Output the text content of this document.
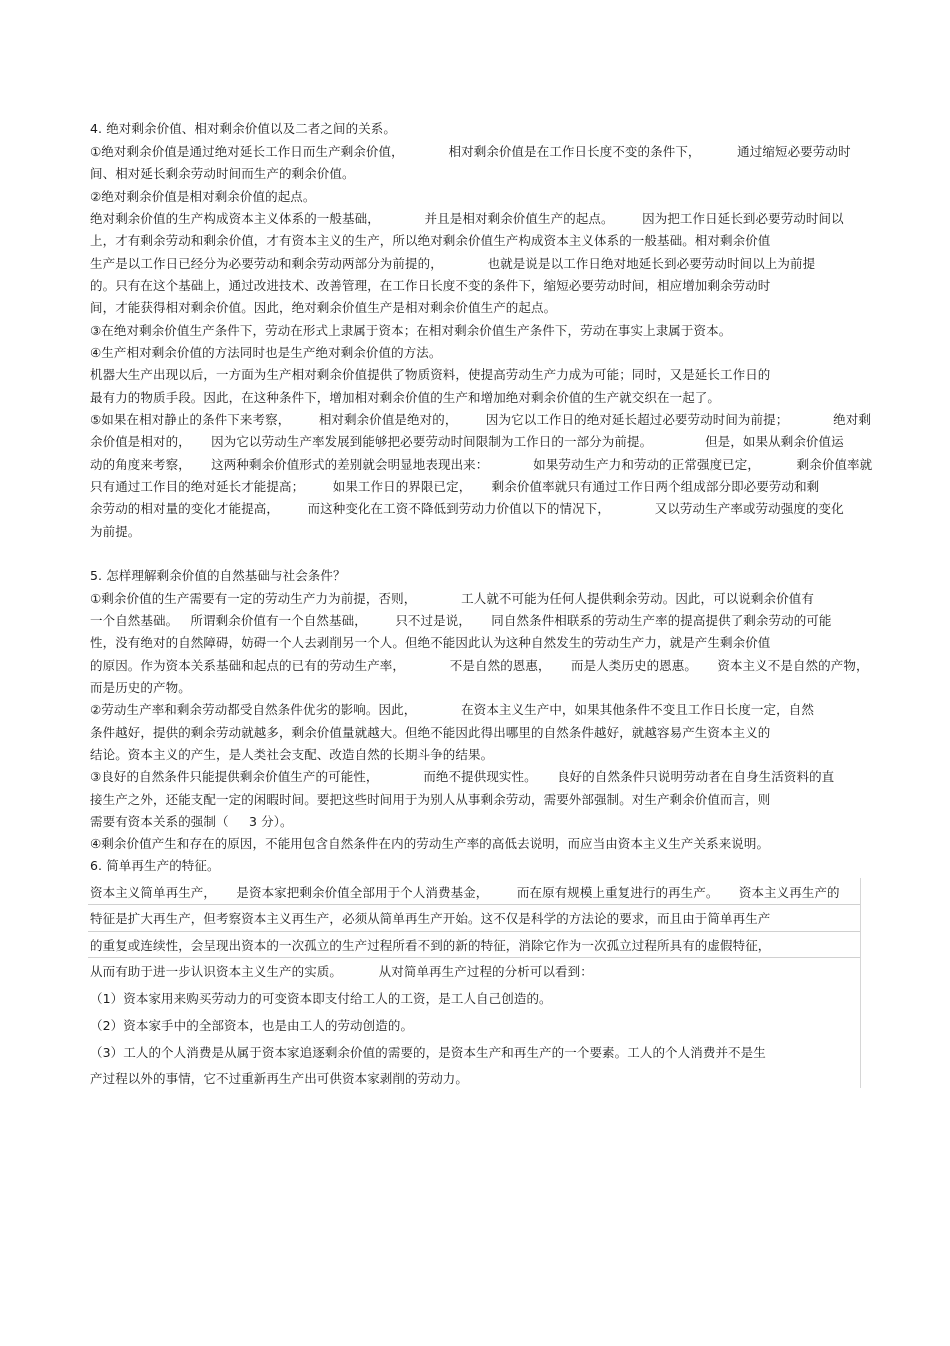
4. 绝对剩余价值、相对剩余价值以及二者之间的关系。
①绝对剩余价值是通过绝对延长工作日而生产剩余价值，           相对剩余价值是在工作日长度不变的条件下，         通过缩短必要劳动时
间、相对延长剩余劳动时间而生产的剩余价值。
②绝对剩余价值是相对剩余价值的起点。
绝对剩余价值的生产构成资本主义体系的一般基础，           并且是相对剩余价值生产的起点。       因为把工作日延长到必要劳动时间以
上，才有剩余劳动和剩余价值，才有资本主义的生产，所以绝对剩余价值生产构成资本主义体系的一般基础。相对剩余价值
生产是以工作日已经分为必要劳动和剩余劳动两部分为前提的，           也就是说是以工作日绝对地延长到必要劳动时间以上为前提
的。只有在这个基础上，通过改进技术、改善管理，在工作日长度不变的条件下，缩短必要劳动时间，相应增加剩余劳动时
间，才能获得相对剩余价值。因此，绝对剩余价值生产是相对剩余价值生产的起点。
③在绝对剩余价值生产条件下，劳动在形式上隶属于资本；在相对剩余价值生产条件下，劳动在事实上隶属于资本。
④生产相对剩余价值的方法同时也是生产绝对剩余价值的方法。
机器大生产出现以后，一方面为生产相对剩余价值提供了物质资料，使提高劳动生产力成为可能；同时，又是延长工作日的
最有力的物质手段。因此，在这种条件下，增加相对剩余价值的生产和增加绝对剩余价值的生产就交织在一起了。
⑤如果在相对静止的条件下来考察，       相对剩余价值是绝对的，       因为它以工作日的绝对延长超过必要劳动时间为前提；           绝对剩
余价值是相对的，     因为它以劳动生产率发展到能够把必要劳动时间限制为工作日的一部分为前提。             但是，如果从剩余价值运
动的角度来考察，     这两种剩余价值形式的差别就会明显地表现出来：           如果劳动生产力和劳动的正常强度已定，         剩余价值率就
只有通过工作目的绝对延长才能提高；       如果工作日的界限已定，     剩余价值率就只有通过工作日两个组成部分即必要劳动和剩
余劳动的相对量的变化才能提高，       而这种变化在工资不降低到劳动力价值以下的情况下，           又以劳动生产率或劳动强度的变化
为前提。
5. 怎样理解剩余价值的自然基础与社会条件？
①剩余价值的生产需要有一定的劳动生产力为前提，否则，           工人就不可能为任何人提供剩余劳动。因此，可以说剩余价值有
一个自然基础。   所谓剩余价值有一个自然基础，       只不过是说，     同自然条件相联系的劳动生产率的提高提供了剩余劳动的可能
性，没有绝对的自然障碍，妨碍一个人去剥削另一个人。但绝不能因此认为这种自然发生的劳动生产力，就是产生剩余价值
的原因。作为资本关系基础和起点的已有的劳动生产率，           不是自然的恩惠，     而是人类历史的恩惠。     资本主义不是自然的产物，
而是历史的产物。
②劳动生产率和剩余劳动都受自然条件优劣的影响。因此，           在资本主义生产中，如果其他条件不变且工作日长度一定，自然
条件越好，提供的剩余劳动就越多，剩余价值量就越大。但绝不能因此得出哪里的自然条件越好，就越容易产生资本主义的
结论。资本主义的产生，是人类社会支配、改造自然的长期斗争的结果。
③良好的自然条件只能提供剩余价值生产的可能性，           而绝不提供现实性。     良好的自然条件只说明劳动者在自身生活资料的直
接生产之外，还能支配一定的闲暇时间。要把这些时间用于为别人从事剩余劳动，需要外部强制。对生产剩余价值而言，则
需要有资本关系的强制（     3 分）。
④剩余价值产生和存在的原因，不能用包含自然条件在内的劳动生产率的高低去说明，而应当由资本主义生产关系来说明。
6. 简单再生产的特征。
资本主义简单再生产，     是资本家把剩余价值全部用于个人消费基金，       而在原有规模上重复进行的再生产。     资本主义再生产的
特征是扩大再生产，但考察资本主义再生产，必须从简单再生产开始。这不仅是科学的方法论的要求，而且由于简单再生产
的重复或连续性，会呈现出资本的一次孤立的生产过程所看不到的新的特征，消除它作为一次孤立过程所具有的虚假特征，
从而有助于进一步认识资本主义生产的实质。         从对简单再生产过程的分析可以看到：
（1）资本家用来购买劳动力的可变资本即支付给工人的工资，是工人自己创造的。
（2）资本家手中的全部资本，也是由工人的劳动创造的。
（3）工人的个人消费是从属于资本家追逐剩余价值的需要的，是资本生产和再生产的一个要素。工人的个人消费并不是生
产过程以外的事情，它不过重新再生产出可供资本家剥削的劳动力。
